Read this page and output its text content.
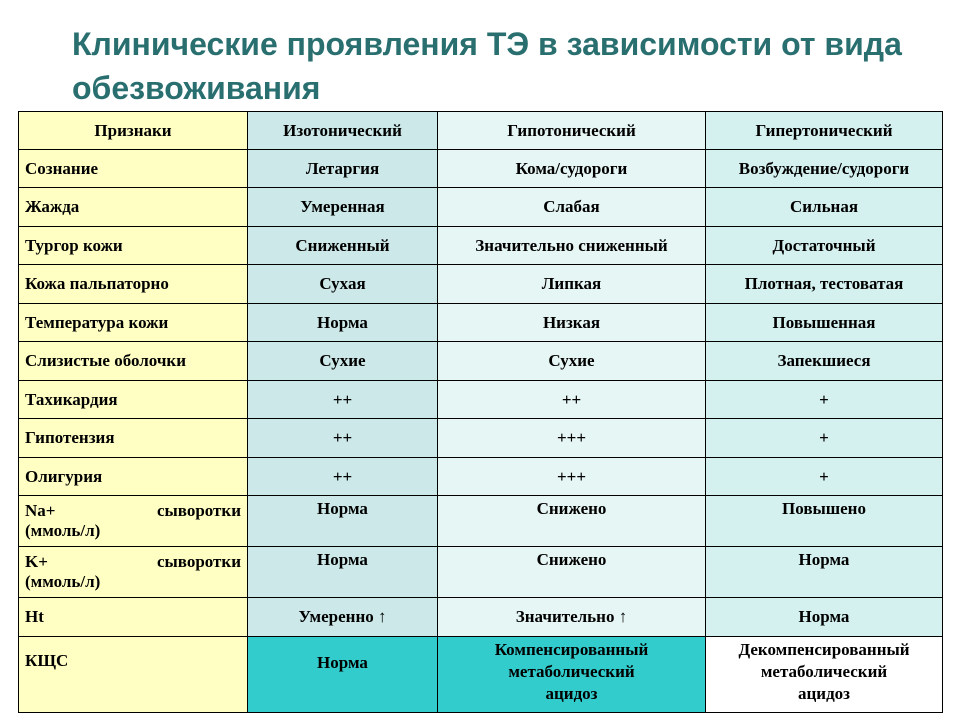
Клинические проявления ТЭ в зависимости от вида обезвоживания
Признаки	Изотонический	Гипотонический	Гипертонический
Сознание	Летаргия	Кома/судороги	Возбуждение/судороги
Жажда	Умеренная	Слабая	Сильная
Тургор кожи	Сниженный	Значительно сниженный	Достаточный
Кожа пальпаторно	Сухая	Липкая	Плотная, тестоватая
Температура кожи	Норма	Низкая	Повышенная
Слизистые оболочки	Сухие	Сухие	Запекшиеся
Тахикардия	++	++	+
Гипотензия	++	+++	+
Олигурия	++	+++	+

Na+ сыворотки
(ммоль/л)	Норма	Снижено	Повышено

K+ сыворотки
(ммоль/л)	Норма	Снижено	Норма
Ht	Умеренно ↑	Значительно ↑	Норма
КЩС	Норма	Компенсированный
метаболический
ацидоз	Декомпенсированный
метаболический
ацидоз
